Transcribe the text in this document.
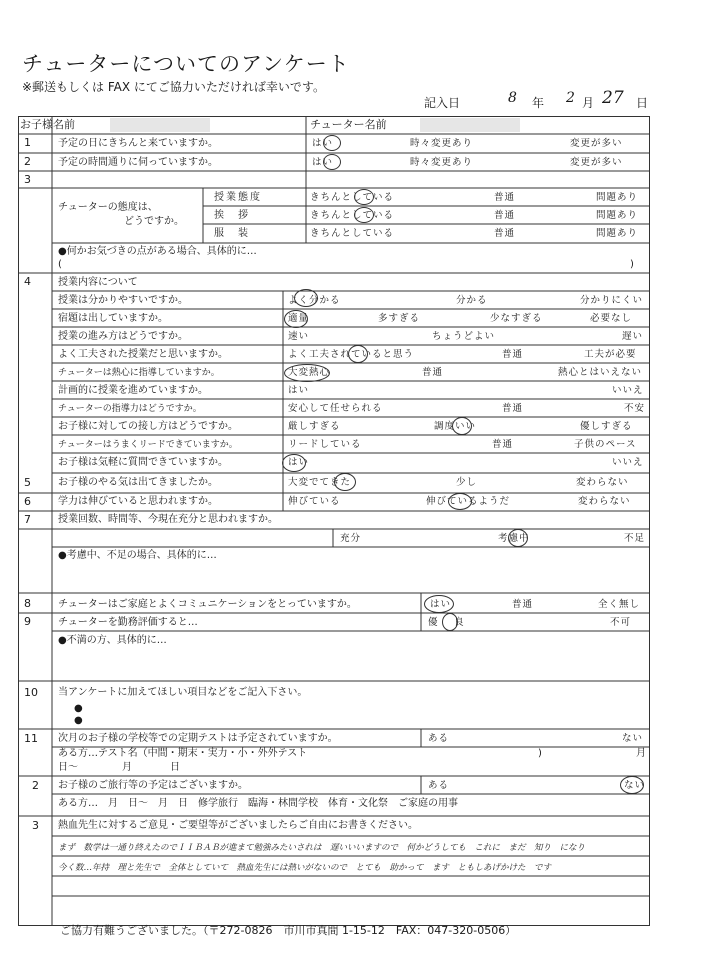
チューターについてのアンケート
※郵送もしくは FAX にてご協力いただければ幸いです。
記入日	8 年 2 月 27 日
お子様名前	チューター名前
1	予定の日にきちんと来ていますか。	はい	時々変更あり	変更が多い
2	予定の時間通りに伺っていますか。	はい	時々変更あり	変更が多い
3
チューターの態度は、
どうですか。
授業態度	きちんとしている	普通	問題あり
挨　拶	きちんとしている	普通	問題あり
服　装	きちんとしている	普通	問題あり
●何かお気づきの点がある場合、具体的に…
(	)
4	授業内容について
授業は分かりやすいですか。	よく分かる	分かる	分かりにくい
宿題は出していますか。	適量	多すぎる	少なすぎる	必要なし
授業の進み方はどうですか。	速い	ちょうどよい	遅い
よく工夫された授業だと思いますか。	よく工夫されていると思う	普通	工夫が必要
チューターは熱心に指導していますか。	大変熱心	普通	熱心とはいえない
計画的に授業を進めていますか。	はい	いいえ
チューターの指導力はどうですか。	安心して任せられる	普通	不安
お子様に対しての接し方はどうですか。	厳しすぎる	調度いい	優しすぎる
チューターはうまくリードできていますか。	リードしている	普通	子供のペース
お子様は気軽に質問できていますか。	はい	いいえ
5	お子様のやる気は出てきましたか。	大変でてきた	少し	変わらない
6	学力は伸びていると思われますか。	伸びている	伸びているようだ	変わらない
7	授業回数、時間等、今現在充分と思われますか。
充分	考慮中	不足
●考慮中、不足の場合、具体的に…
8	チューターはご家庭とよくコミュニケーションをとっていますか。	はい	普通	全く無し
9	チューターを勤務評価すると…	優 良	不可
●不満の方、具体的に…
10 当アンケートに加えてほしい項目などをご記入下さい。
●
●
11 次月のお子様の学校等での定期テストは予定されていますか。	ある	ない
ある方…テスト名（中間・期末・実力・小・外外テスト	)	月
日～	月	日
2 お子様のご旅行等の予定はございますか。	ある	ない
ある方…　月　日～　月　日　修学旅行　臨海・林間学校　体育・文化祭　ご家庭の用事
3 熱血先生に対するご意見・ご要望等がございましたらご自由にお書きください。
まず　数学は一通り終えたのでＩＩＢＡＢが進まて勉強みたいされは　遅いいいますので　何かどうしても　これに　まだ　知り　になり
今く数…年持　理と先生で　全体としていて　熱血先生には熱いがないので　とても　助かって　ます　ともしあげかけた　です
ご協力有難うございました。（〒272-0826　市川市真間 1-15-12　FAX：047-320-0506）
